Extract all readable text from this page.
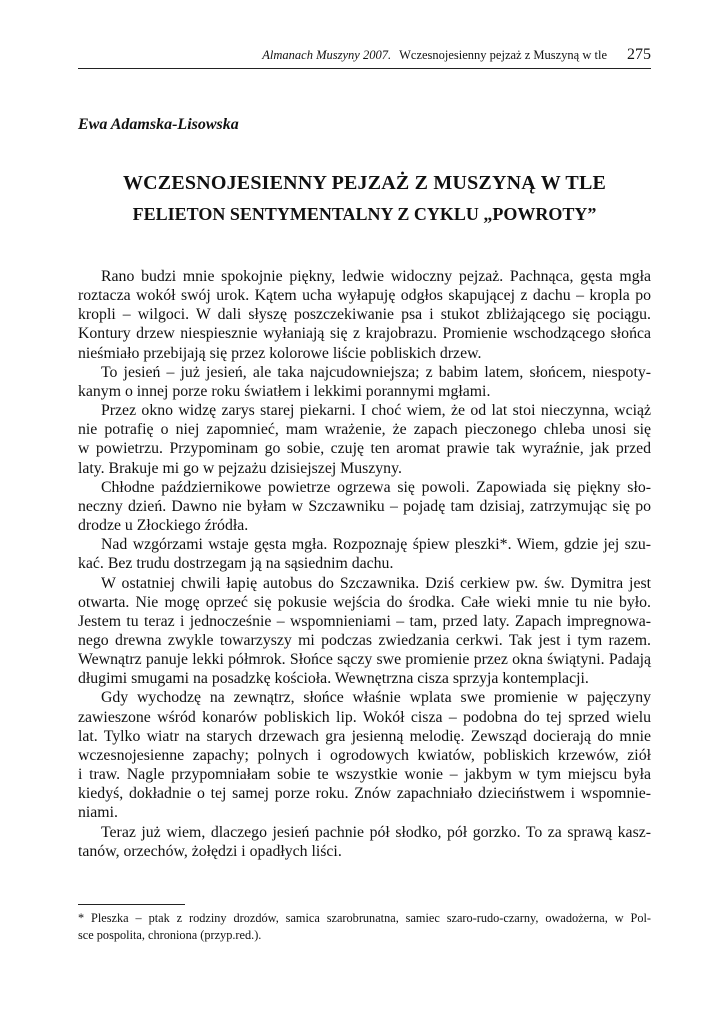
Almanach Muszyny 2007. Wczesnojesienny pejzaż z Muszyną w tle 275
Ewa Adamska-Lisowska
WCZESNOJESIENNY PEJZAŻ Z MUSZYNĄ W TLE
FELIETON SENTYMENTALNY Z CYKLU „POWROTY”
Rano budzi mnie spokojnie piękny, ledwie widoczny pejzaż. Pachnąca, gęsta mgła
roztacza wokół swój urok. Kątem ucha wyłapuję odgłos skapującej z dachu – kropla po
kropli – wilgoci. W dali słyszę poszczekiwanie psa i stukot zbliżającego się pociągu.
Kontury drzew niespiesznie wyłaniają się z krajobrazu. Promienie wschodzącego słońca
nieśmiało przebijają się przez kolorowe liście pobliskich drzew.
To jesień – już jesień, ale taka najcudowniejsza; z babim latem, słońcem, niespoty-
kanym o innej porze roku światłem i lekkimi porannymi mgłami.
Przez okno widzę zarys starej piekarni. I choć wiem, że od lat stoi nieczynna, wciąż
nie potrafię o niej zapomnieć, mam wrażenie, że zapach pieczonego chleba unosi się
w powietrzu. Przypominam go sobie, czuję ten aromat prawie tak wyraźnie, jak przed
laty. Brakuje mi go w pejzażu dzisiejszej Muszyny.
Chłodne październikowe powietrze ogrzewa się powoli. Zapowiada się piękny sło-
neczny dzień. Dawno nie byłam w Szczawniku – pojadę tam dzisiaj, zatrzymując się po
drodze u Złockiego źródła.
Nad wzgórzami wstaje gęsta mgła. Rozpoznaję śpiew pleszki*. Wiem, gdzie jej szu-
kać. Bez trudu dostrzegam ją na sąsiednim dachu.
W ostatniej chwili łapię autobus do Szczawnika. Dziś cerkiew pw. św. Dymitra jest
otwarta. Nie mogę oprzeć się pokusie wejścia do środka. Całe wieki mnie tu nie było.
Jestem tu teraz i jednocześnie – wspomnieniami – tam, przed laty. Zapach impregnowa-
nego drewna zwykle towarzyszy mi podczas zwiedzania cerkwi. Tak jest i tym razem.
Wewnątrz panuje lekki półmrok. Słońce sączy swe promienie przez okna świątyni. Padają
długimi smugami na posadzkę kościoła. Wewnętrzna cisza sprzyja kontemplacji.
Gdy wychodzę na zewnątrz, słońce właśnie wplata swe promienie w pajęczyny
zawieszone wśród konarów pobliskich lip. Wokół cisza – podobna do tej sprzed wielu
lat. Tylko wiatr na starych drzewach gra jesienną melodię. Zewsząd docierają do mnie
wczesnojesienne zapachy; polnych i ogrodowych kwiatów, pobliskich krzewów, ziół
i traw. Nagle przypomniałam sobie te wszystkie wonie – jakbym w tym miejscu była
kiedyś, dokładnie o tej samej porze roku. Znów zapachniało dzieciństwem i wspomnie-
niami.
Teraz już wiem, dlaczego jesień pachnie pół słodko, pół gorzko. To za sprawą kasz-
tanów, orzechów, żołędzi i opadłych liści.
* Pleszka – ptak z rodziny drozdów, samica szarobrunatna, samiec szaro-rudo-czarny, owadożerna, w Pol-
sce pospolita, chroniona (przyp.red.).
